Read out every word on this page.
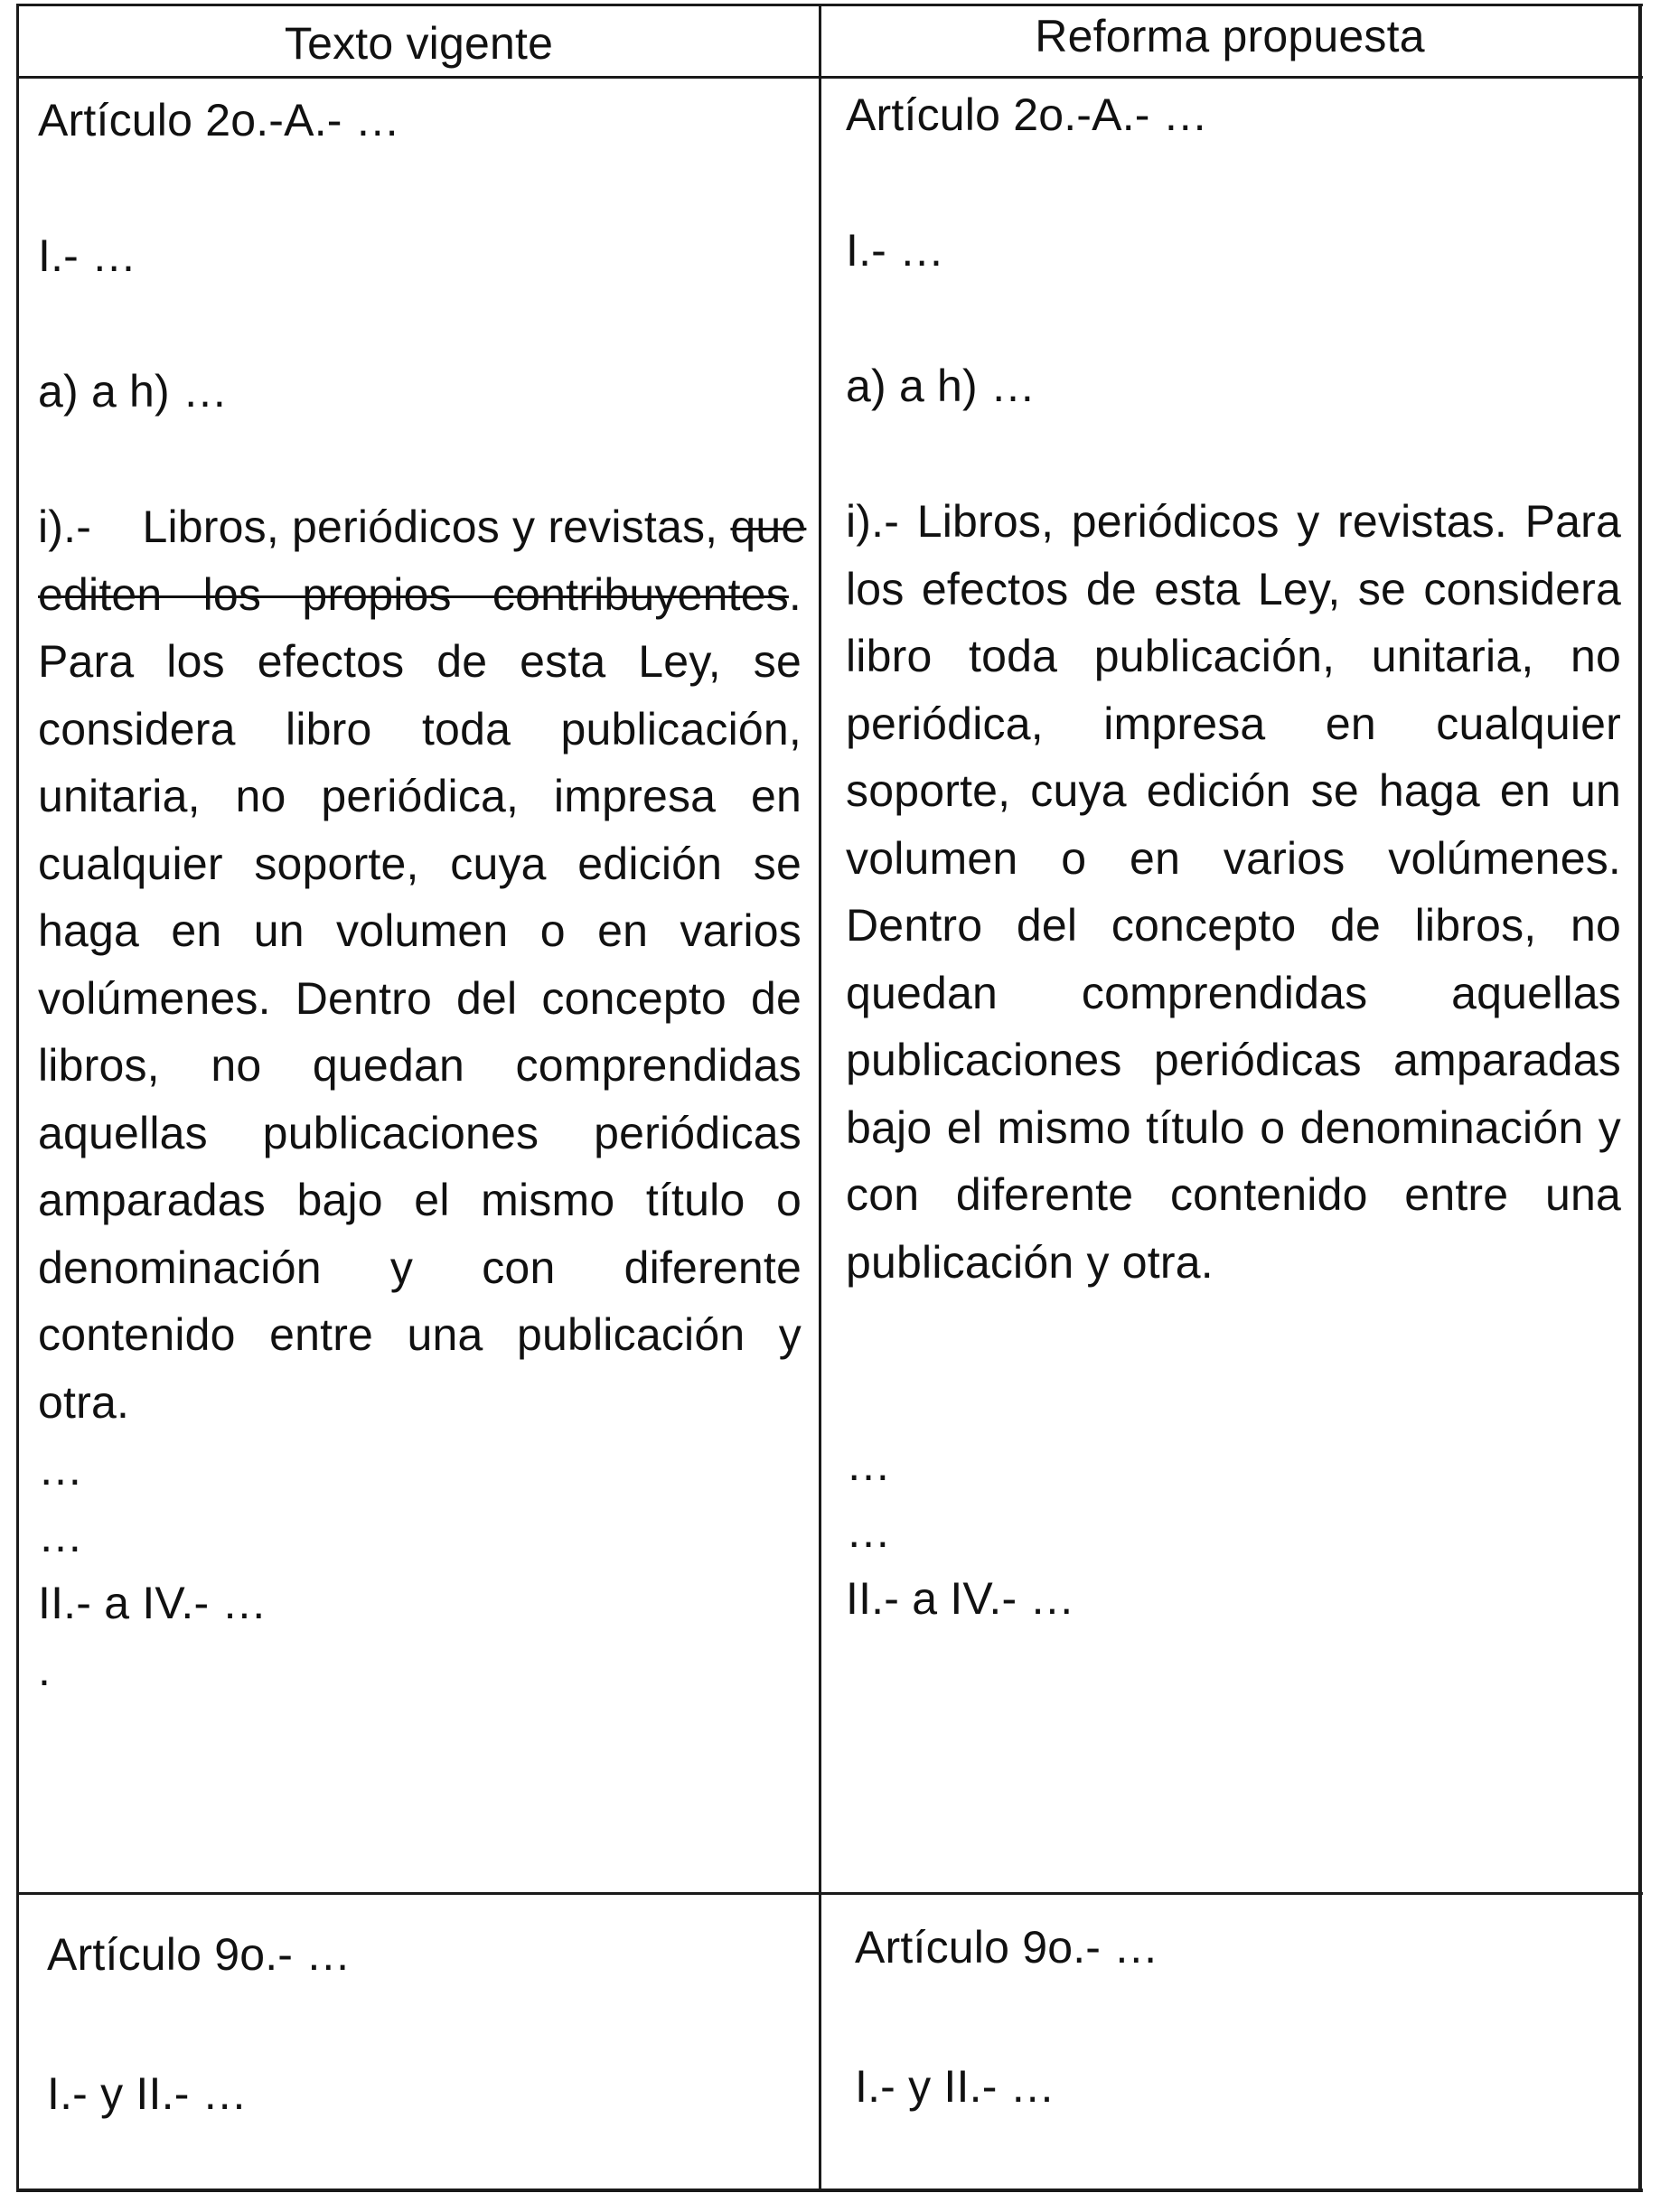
Texto vigente	Reforma propuesta

Artículo 2o.-A.- …

I.- …

a) a h) …

i).-    Libros, periódicos y revistas, que editen los propios contribuyentes. Para los efectos de esta Ley, se considera libro toda publicación, unitaria, no periódica, impresa en cualquier soporte, cuya edición se haga en un volumen o en varios volúmenes. Dentro del concepto de libros, no quedan comprendidas aquellas publicaciones periódicas amparadas bajo el mismo título o denominación y con diferente contenido entre una publicación y otra.

…

…

II.- a IV.- …

.

Artículo 2o.-A.- …

I.- …

a) a h) …

i).- Libros, periódicos y revistas. Para los efectos de esta Ley, se considera libro toda publicación, unitaria, no periódica, impresa en cualquier soporte, cuya edición se haga en un volumen o en varios volúmenes. Dentro del concepto de libros, no quedan comprendidas aquellas publicaciones periódicas amparadas bajo el mismo título o denominación y con diferente contenido entre una publicación y otra.

…

…

II.- a IV.- …

Artículo 9o.- …

I.- y II.- …

Artículo 9o.- …

I.- y II.- …
